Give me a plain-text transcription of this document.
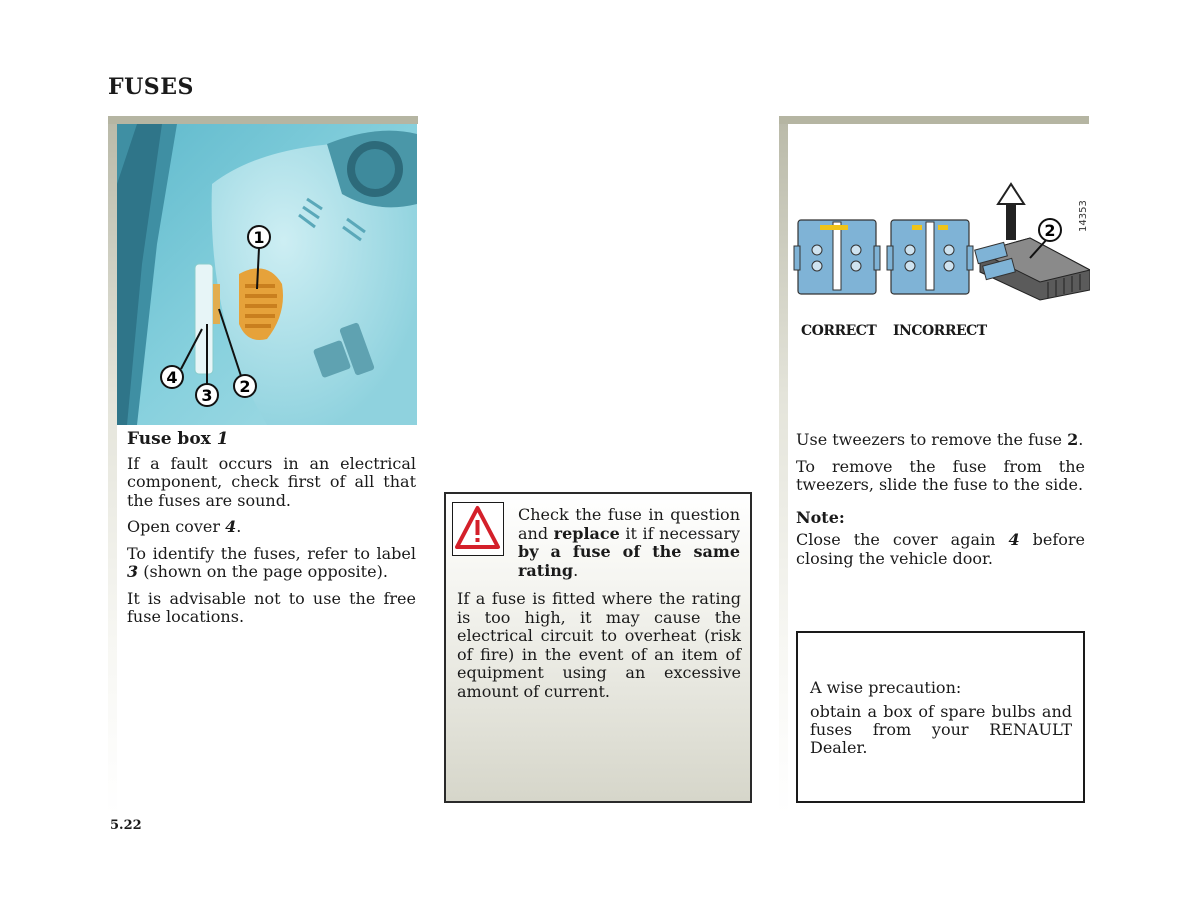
FUSES
1
2
3
4
Fuse box 1

If a fault occurs in an electrical component, check first of all that the fuses are sound.

Open cover 4.

To identify the fuses, refer to label 3 (shown on the page opposite).

It is advisable not to use the free fuse locations.

Check the fuse in question and replace it if necessary by a fuse of the same rating.
If a fuse is fitted where the rating is too high, it may cause the electrical circuit to overheat (risk of fire) in the event of an item of equipment using an excessive amount of current.
2 14353
CORRECT INCORRECT

Use tweezers to remove the fuse 2.

To remove the fuse from the tweezers, slide the fuse to the side.

Note:

Close the cover again 4 before closing the vehicle door.

A wise precaution:

obtain a box of spare bulbs and fuses from your RENAULT Dealer.

5.22
